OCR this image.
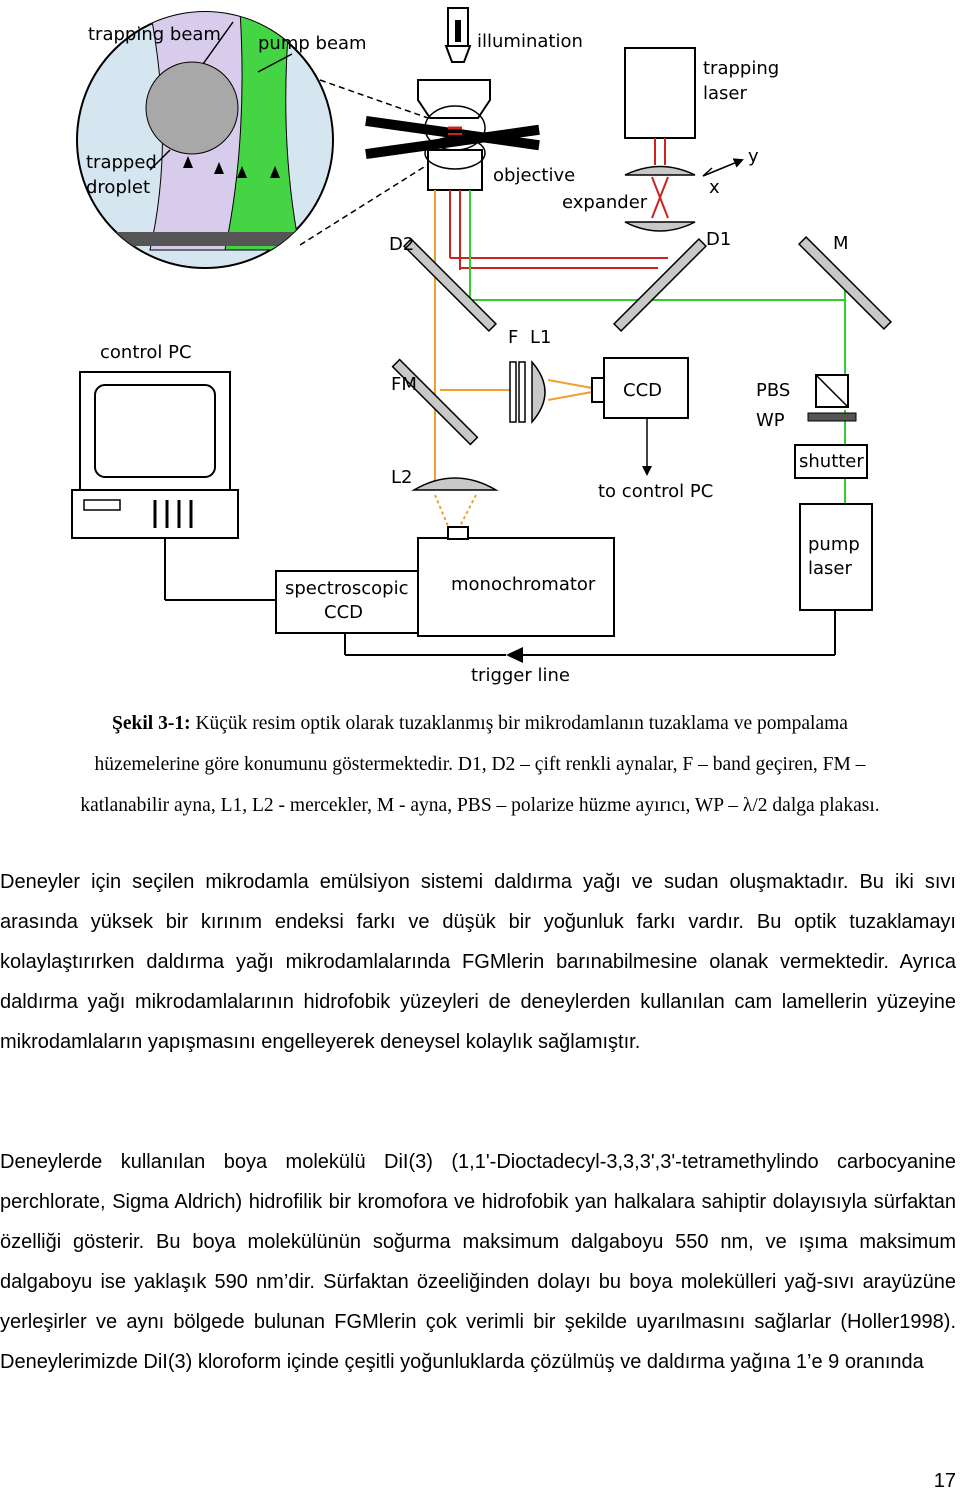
trapping beam pump beam
trapped
droplet
illumination
objective
trapping
laser
expander
y
x
D2	D1	M
FM
F L1
CCD
to control PC
L2
PBS
WP
shutter
pump
laser
control PC
spectroscopic
CCD
monochromator
trigger line
Şekil 3-1: Küçük resim optik olarak tuzaklanmış bir mikrodamlanın tuzaklama ve pompalama
hüzemelerine göre konumunu göstermektedir. D1, D2 – çift renkli aynalar, F – band geçiren, FM –
katlanabilir ayna, L1, L2 - mercekler, M - ayna, PBS – polarize hüzme ayırıcı, WP – λ/2 dalga plakası.

Deneyler için seçilen mikrodamla emülsiyon sistemi daldırma yağı ve sudan oluşmaktadır. Bu iki sıvı arasında yüksek bir kırınım endeksi farkı ve düşük bir yoğunluk farkı vardır. Bu optik tuzaklamayı kolaylaştırırken daldırma yağı mikrodamlalarında FGMlerin barınabilmesine olanak vermektedir. Ayrıca daldırma yağı mikrodamlalarının hidrofobik yüzeyleri de deneylerden kullanılan cam lamellerin yüzeyine mikrodamlaların yapışmasını engelleyerek deneysel kolaylık sağlamıştır.

Deneylerde kullanılan boya molekülü DiI(3) (1,1'-Dioctadecyl-3,3,3',3'-tetramethylindo carbocyanine perchlorate, Sigma Aldrich) hidrofilik bir kromofora ve hidrofobik yan halkalara sahiptir dolayısıyla sürfaktan özelliği gösterir. Bu boya molekülünün soğurma maksimum dalgaboyu 550 nm, ve ışıma maksimum dalgaboyu ise yaklaşık 590 nm’dir. Sürfaktan özeeliğinden dolayı bu boya molekülleri yağ-sıvı arayüzüne yerleşirler ve aynı bölgede bulunan FGMlerin çok verimli bir şekilde uyarılmasını sağlarlar (Holler1998). Deneylerimizde DiI(3) kloroform içinde çeşitli yoğunluklarda çözülmüş ve daldırma yağına 1’e 9 oranında

17
